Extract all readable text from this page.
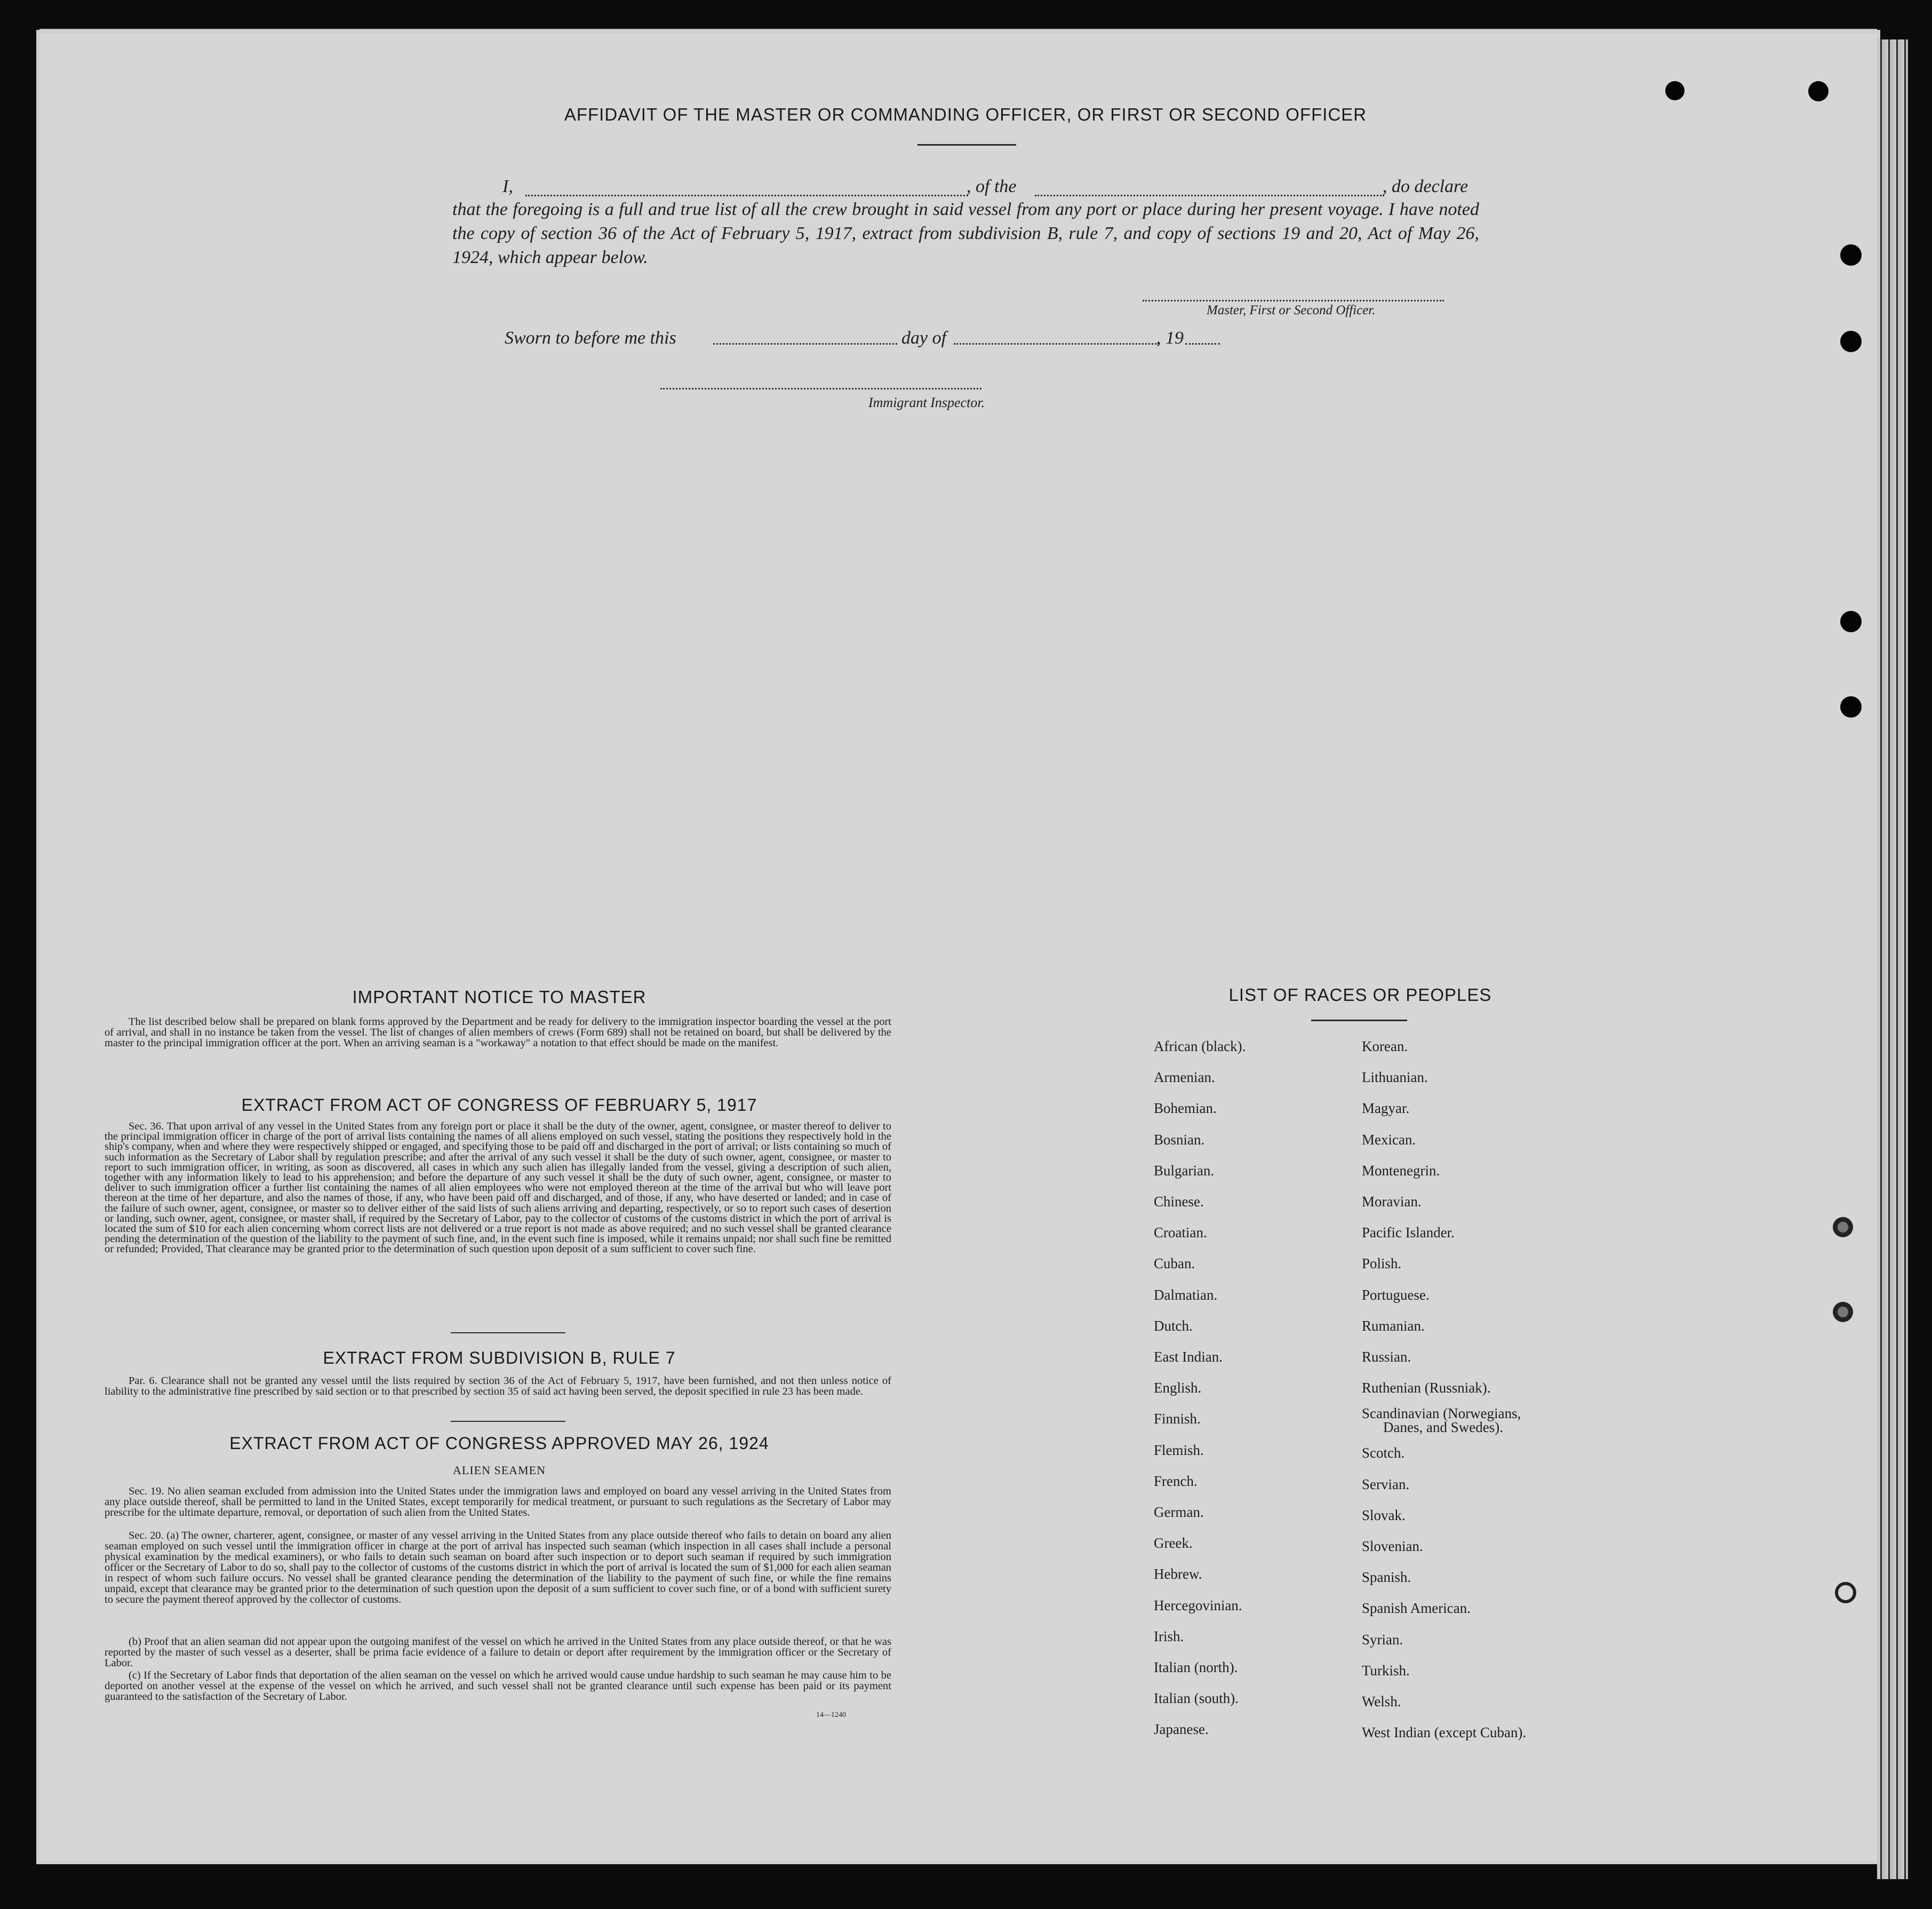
AFFIDAVIT OF THE MASTER OR COMMANDING OFFICER, OR FIRST OR SECOND OFFICER
I,	, of the	, do declare
that the foregoing is a full and true list of all the crew brought in said vessel from any port or place during her present voyage. I have noted the copy of section 36 of the Act of February 5, 1917, extract from subdivision B, rule 7, and copy of sections 19 and 20, Act of May 26, 1924, which appear below.
Master, First or Second Officer.
Sworn to before me this	day of	, 19
Immigrant Inspector.
IMPORTANT NOTICE TO MASTER
The list described below shall be prepared on blank forms approved by the Department and be ready for delivery to the immigration inspector boarding the vessel at the port of arrival, and shall in no instance be taken from the vessel. The list of changes of alien members of crews (Form 689) shall not be retained on board, but shall be delivered by the master to the principal immigration officer at the port. When an arriving seaman is a "workaway" a notation to that effect should be made on the manifest.
EXTRACT FROM ACT OF CONGRESS OF FEBRUARY 5, 1917
Sec. 36. That upon arrival of any vessel in the United States from any foreign port or place it shall be the duty of the owner, agent, consignee, or master thereof to deliver to the principal immigration officer in charge of the port of arrival lists containing the names of all aliens employed on such vessel, stating the positions they respectively hold in the ship's company, when and where they were respectively shipped or engaged, and specifying those to be paid off and discharged in the port of arrival; or lists containing so much of such information as the Secretary of Labor shall by regulation prescribe; and after the arrival of any such vessel it shall be the duty of such owner, agent, consignee, or master to report to such immigration officer, in writing, as soon as discovered, all cases in which any such alien has illegally landed from the vessel, giving a description of such alien, together with any information likely to lead to his apprehension; and before the departure of any such vessel it shall be the duty of such owner, agent, consignee, or master to deliver to such immigration officer a further list containing the names of all alien employees who were not employed thereon at the time of the arrival but who will leave port thereon at the time of her departure, and also the names of those, if any, who have been paid off and discharged, and of those, if any, who have deserted or landed; and in case of the failure of such owner, agent, consignee, or master so to deliver either of the said lists of such aliens arriving and departing, respectively, or so to report such cases of desertion or landing, such owner, agent, consignee, or master shall, if required by the Secretary of Labor, pay to the collector of customs of the customs district in which the port of arrival is located the sum of $10 for each alien concerning whom correct lists are not delivered or a true report is not made as above required; and no such vessel shall be granted clearance pending the determination of the question of the liability to the payment of such fine, and, in the event such fine is imposed, while it remains unpaid; nor shall such fine be remitted or refunded; Provided, That clearance may be granted prior to the determination of such question upon deposit of a sum sufficient to cover such fine.
EXTRACT FROM SUBDIVISION B, RULE 7
Par. 6. Clearance shall not be granted any vessel until the lists required by section 36 of the Act of February 5, 1917, have been furnished, and not then unless notice of liability to the administrative fine prescribed by said section or to that prescribed by section 35 of said act having been served, the deposit specified in rule 23 has been made.
EXTRACT FROM ACT OF CONGRESS APPROVED MAY 26, 1924
ALIEN SEAMEN
Sec. 19. No alien seaman excluded from admission into the United States under the immigration laws and employed on board any vessel arriving in the United States from any place outside thereof, shall be permitted to land in the United States, except temporarily for medical treatment, or pursuant to such regulations as the Secretary of Labor may prescribe for the ultimate departure, removal, or deportation of such alien from the United States.
Sec. 20. (a) The owner, charterer, agent, consignee, or master of any vessel arriving in the United States from any place outside thereof who fails to detain on board any alien seaman employed on such vessel until the immigration officer in charge at the port of arrival has inspected such seaman (which inspection in all cases shall include a personal physical examination by the medical examiners), or who fails to detain such seaman on board after such inspection or to deport such seaman if required by such immigration officer or the Secretary of Labor to do so, shall pay to the collector of customs of the customs district in which the port of arrival is located the sum of $1,000 for each alien seaman in respect of whom such failure occurs. No vessel shall be granted clearance pending the determination of the liability to the payment of such fine, or while the fine remains unpaid, except that clearance may be granted prior to the determination of such question upon the deposit of a sum sufficient to cover such fine, or of a bond with sufficient surety to secure the payment thereof approved by the collector of customs.
(b) Proof that an alien seaman did not appear upon the outgoing manifest of the vessel on which he arrived in the United States from any place outside thereof, or that he was reported by the master of such vessel as a deserter, shall be prima facie evidence of a failure to detain or deport after requirement by the immigration officer or the Secretary of Labor.
(c) If the Secretary of Labor finds that deportation of the alien seaman on the vessel on which he arrived would cause undue hardship to such seaman he may cause him to be deported on another vessel at the expense of the vessel on which he arrived, and such vessel shall not be granted clearance until such expense has been paid or its payment guaranteed to the satisfaction of the Secretary of Labor.
14—1240
LIST OF RACES OR PEOPLES
African (black).
Armenian.
Bohemian.
Bosnian.
Bulgarian.
Chinese.
Croatian.
Cuban.
Dalmatian.
Dutch.
East Indian.
English.
Finnish.
Flemish.
French.
German.
Greek.
Hebrew.
Hercegovinian.
Irish.
Italian (north).
Italian (south).
Japanese.
Korean.
Lithuanian.
Magyar.
Mexican.
Montenegrin.
Moravian.
Pacific Islander.
Polish.
Portuguese.
Rumanian.
Russian.
Ruthenian (Russniak).
Scandinavian (Norwegians,
Danes, and Swedes).
Scotch.
Servian.
Slovak.
Slovenian.
Spanish.
Spanish American.
Syrian.
Turkish.
Welsh.
West Indian (except Cuban).
